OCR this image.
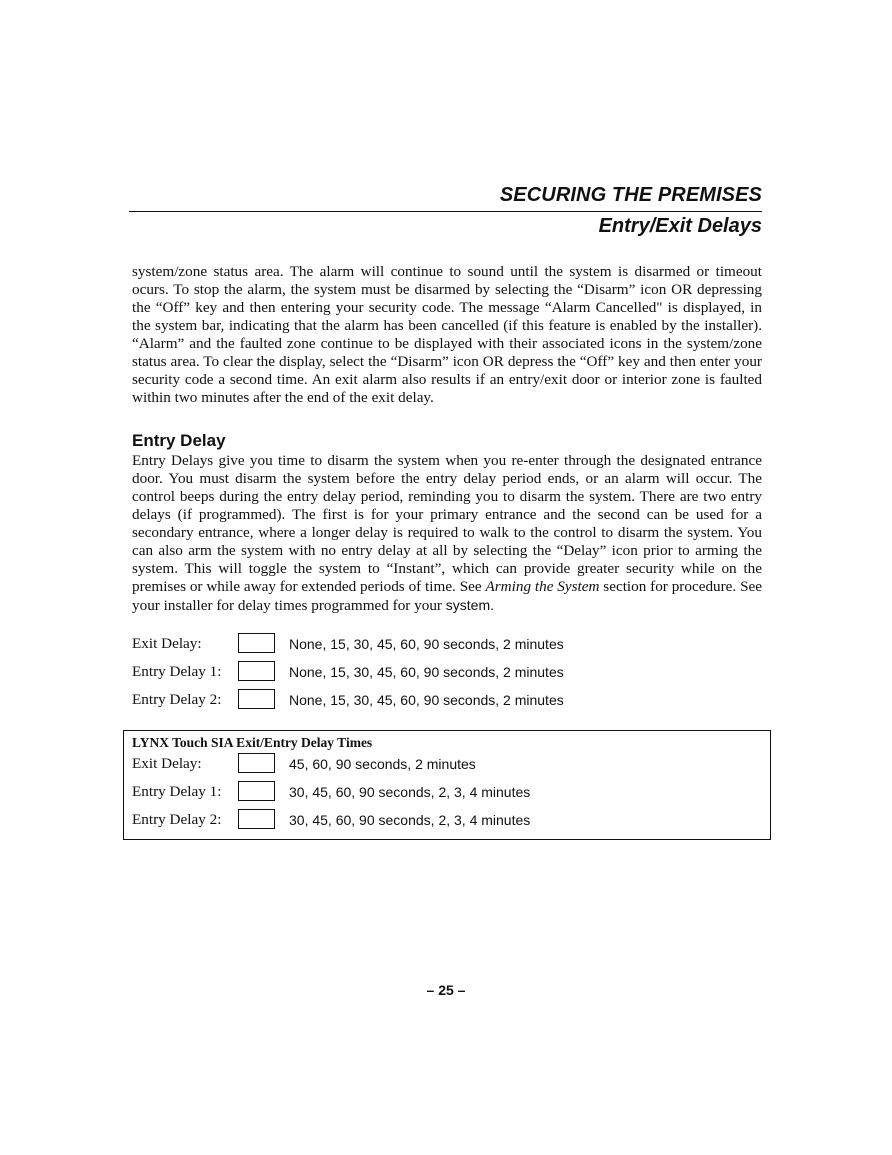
SECURING THE PREMISES
Entry/Exit Delays
system/zone status area. The alarm will continue to sound until the system is disarmed or timeout ocurs. To stop the alarm, the system must be disarmed by selecting the “Disarm” icon OR depressing the “Off” key and then entering your security code. The message “Alarm Cancelled" is displayed, in the system bar, indicating that the alarm has been cancelled (if this feature is enabled by the installer). “Alarm” and the faulted zone continue to be displayed with their associated icons in the system/zone status area. To clear the display, select the “Disarm” icon OR depress the “Off” key and then enter your security code a second time. An exit alarm also results if an entry/exit door or interior zone is faulted within two minutes after the end of the exit delay.
Entry Delay
Entry Delays give you time to disarm the system when you re-enter through the designated entrance door. You must disarm the system before the entry delay period ends, or an alarm will occur. The control beeps during the entry delay period, reminding you to disarm the system. There are two entry delays (if programmed). The first is for your primary entrance and the second can be used for a secondary entrance, where a longer delay is required to walk to the control to disarm the system. You can also arm the system with no entry delay at all by selecting the “Delay” icon prior to arming the system. This will toggle the system to “Instant”, which can provide greater security while on the premises or while away for extended periods of time. See Arming the System section for procedure. See your installer for delay times programmed for your system.
Exit Delay:	None, 15, 30, 45, 60, 90 seconds, 2 minutes
Entry Delay 1:	None, 15, 30, 45, 60, 90 seconds, 2 minutes
Entry Delay 2:	None, 15, 30, 45, 60, 90 seconds, 2 minutes
LYNX Touch SIA Exit/Entry Delay Times
Exit Delay:	45, 60, 90 seconds, 2 minutes
Entry Delay 1:	30, 45, 60, 90 seconds, 2, 3, 4 minutes
Entry Delay 2:	30, 45, 60, 90 seconds, 2, 3, 4 minutes
– 25 –
